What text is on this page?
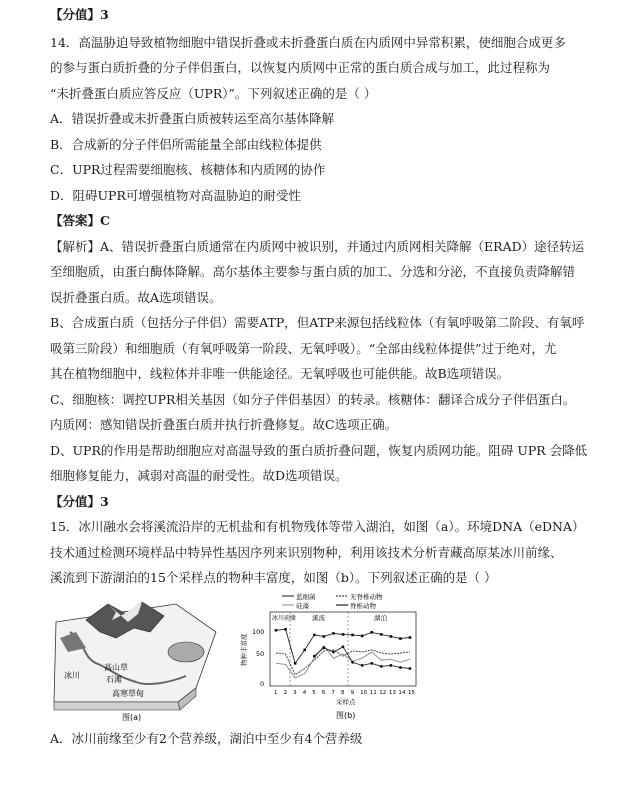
【分值】3
14．高温胁迫导致植物细胞中错误折叠或未折叠蛋白质在内质网中异常积累，使细胞合成更多
的参与蛋白质折叠的分子伴侣蛋白，以恢复内质网中正常的蛋白质合成与加工，此过程称为
“未折叠蛋白质应答反应（UPR）”。下列叙述正确的是（ ）
A．错误折叠或未折叠蛋白质被转运至高尔基体降解
B．合成新的分子伴侣所需能量全部由线粒体提供
C．UPR过程需要细胞核、核糖体和内质网的协作
D．阻碍UPR可增强植物对高温胁迫的耐受性
【答案】C
【解析】A、错误折叠蛋白质通常在内质网中被识别，并通过内质网相关降解（ERAD）途径转运
至细胞质，由蛋白酶体降解。高尔基体主要参与蛋白质的加工、分选和分泌，不直接负责降解错
误折叠蛋白质。故A选项错误。
B、合成蛋白质（包括分子伴侣）需要ATP，但ATP来源包括线粒体（有氧呼吸第二阶段、有氧呼
吸第三阶段）和细胞质（有氧呼吸第一阶段、无氧呼吸）。“全部由线粒体提供”过于绝对，尤
其在植物细胞中，线粒体并非唯一供能途径。无氧呼吸也可能供能。故B选项错误。
C、细胞核：调控UPR相关基因（如分子伴侣基因）的转录。核糖体：翻译合成分子伴侣蛋白。
内质网：感知错误折叠蛋白质并执行折叠修复。故C选项正确。
D、UPR的作用是帮助细胞应对高温导致的蛋白质折叠问题，恢复内质网功能。阻碍 UPR 会降低
细胞修复能力，减弱对高温的耐受性。故D选项错误。
【分值】3
15．冰川融水会将溪流沿岸的无机盐和有机物残体等带入湖泊，如图（a）。环境DNA（eDNA）
技术通过检测环境样品中特异性基因序列来识别物种，利用该技术分析青藏高原某冰川前缘、
溪流到下游湖泊的15个采样点的物种丰富度，如图（b）。下列叙述正确的是（ ）
冰川
高山草
石滩
高寒草甸
图(a)
蓝细菌	无脊椎动物
硅藻	脊椎动物
冰川前缘 溪流	湖泊
100
50
0
物种丰富度
1 2 3 4 5 6 7 8 9 10 11 12 13 14 15
采样点
图(b)
A．冰川前缘至少有2个营养级，湖泊中至少有4个营养级
